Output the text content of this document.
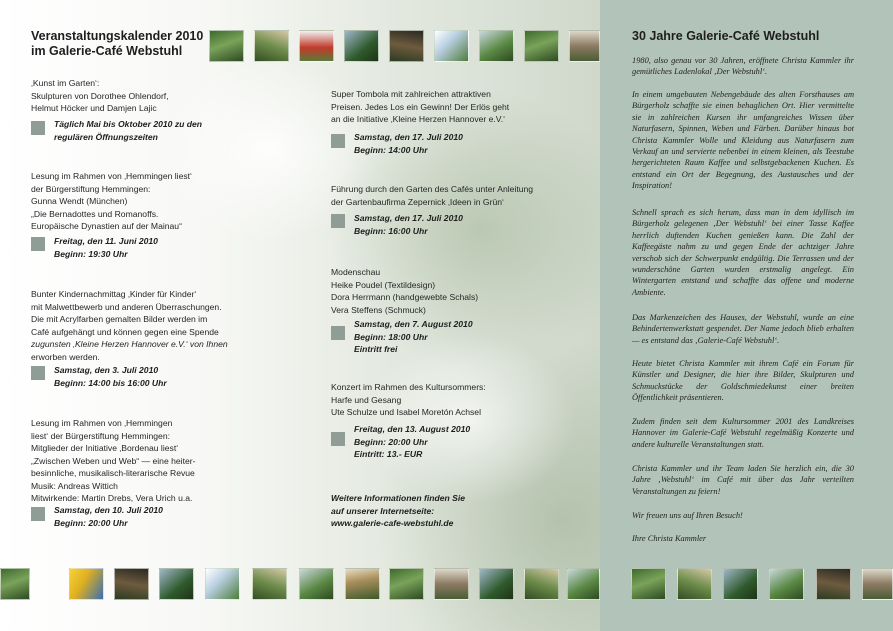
Veranstaltungskalender 2010
im Galerie-Café Webstuhl
‚Kunst im Garten‘:
Skulpturen von Dorothee Ohlendorf,
Helmut Höcker und Damjen Lajic
Täglich Mai bis Oktober 2010 zu den
regulären Öffnungszeiten
Lesung im Rahmen von ‚Hemmingen liest‘
der Bürgerstiftung Hemmingen:
Gunna Wendt (München)
„Die Bernadottes und Romanoffs.
Europäische Dynastien auf der Mainau“
Freitag, den 11. Juni 2010
Beginn: 19:30 Uhr
Bunter Kindernachmittag ‚Kinder für Kinder‘
mit Malwettbewerb und anderen Überraschungen.
Die mit Acrylfarben gemalten Bilder werden im
Café aufgehängt und können gegen eine Spende
zugunsten ‚Kleine Herzen Hannover e.V.‘ von Ihnen
erworben werden.
Samstag, den 3. Juli 2010
Beginn: 14:00 bis 16:00 Uhr
Lesung im Rahmen von ‚Hemmingen
liest‘ der Bürgerstiftung Hemmingen:
Mitglieder der Initiative ‚Bordenau liest‘
„Zwischen Weben und Web“ — eine heiter-
besinnliche, musikalisch-literarische Revue
Musik: Andreas Wittich
Mitwirkende: Martin Drebs, Vera Urich u.a.
Samstag, den 10. Juli 2010
Beginn: 20:00 Uhr
Super Tombola mit zahlreichen attraktiven
Preisen. Jedes Los ein Gewinn! Der Erlös geht
an die Initiative ‚Kleine Herzen Hannover e.V.‘
Samstag, den 17. Juli 2010
Beginn: 14:00 Uhr
Führung durch den Garten des Cafés unter Anleitung
der Gartenbaufirma Zepernick ‚Ideen in Grün‘
Samstag, den 17. Juli 2010
Beginn: 16:00 Uhr
Modenschau
Heike Poudel (Textildesign)
Dora Herrmann (handgewebte Schals)
Vera Steffens (Schmuck)
Samstag, den 7. August 2010
Beginn: 18:00 Uhr
Eintritt frei
Konzert im Rahmen des Kultursommers:
Harfe und Gesang
Ute Schulze und Isabel Moretón Achsel
Freitag, den 13. August 2010
Beginn: 20:00 Uhr
Eintritt: 13.- EUR
Weitere Informationen finden Sie
auf unserer Internetseite:
www.galerie-cafe-webstuhl.de
30 Jahre Galerie-Café Webstuhl

1980, also genau vor 30 Jahren, eröffnete Christa Kammler ihr gemütliches Ladenlokal ‚Der Webstuhl‘.

In einem umgebauten Nebengebäude des alten Forsthauses am Bürgerholz schaffte sie einen behaglichen Ort. Hier vermittelte sie in zahlreichen Kursen ihr umfangreiches Wissen über Naturfasern, Spinnen, Weben und Färben. Darüber hinaus bot Christa Kammler Wolle und Kleidung aus Naturfasern zum Verkauf an und servierte nebenbei in einem kleinen, als Teestube hergerichteten Raum Kaffee und selbstgebackenen Kuchen. Es entstand ein Ort der Begegnung, des Austausches und der Inspiration!

Schnell sprach es sich herum, dass man in dem idyllisch im Bürgerholz gelegenen ‚Der Webstuhl‘ bei einer Tasse Kaffee herrlich duftenden Kuchen genießen kann. Die Zahl der Kaffeegäste nahm zu und gegen Ende der achtziger Jahre verschob sich der Schwerpunkt endgültig. Die Terrassen und der wunderschöne Garten wurden erstmalig angelegt. Ein Wintergarten entstand und schaffte das offene und moderne Ambiente.

Das Markenzeichen des Hauses, der Webstuhl, wurde an eine Behindertenwerkstatt gespendet. Der Name jedoch blieb erhalten — es entstand das ‚Galerie-Café Webstuhl‘.

Heute bietet Christa Kammler mit ihrem Café ein Forum für Künstler und Designer, die hier ihre Bilder, Skulpturen und Schmuckstücke der Goldschmiedekunst einer breiten Öffentlichkeit präsentieren.

Zudem finden seit dem Kultursommer 2001 des Landkreises Hannover im Galerie-Café Webstuhl regelmäßig Konzerte und andere kulturelle Veranstaltungen statt.

Christa Kammler und ihr Team laden Sie herzlich ein, die 30 Jahre ‚Webstuhl‘ im Café mit über das Jahr verteilten Veranstaltungen zu feiern!

Wir freuen uns auf Ihren Besuch!

Ihre Christa Kammler
